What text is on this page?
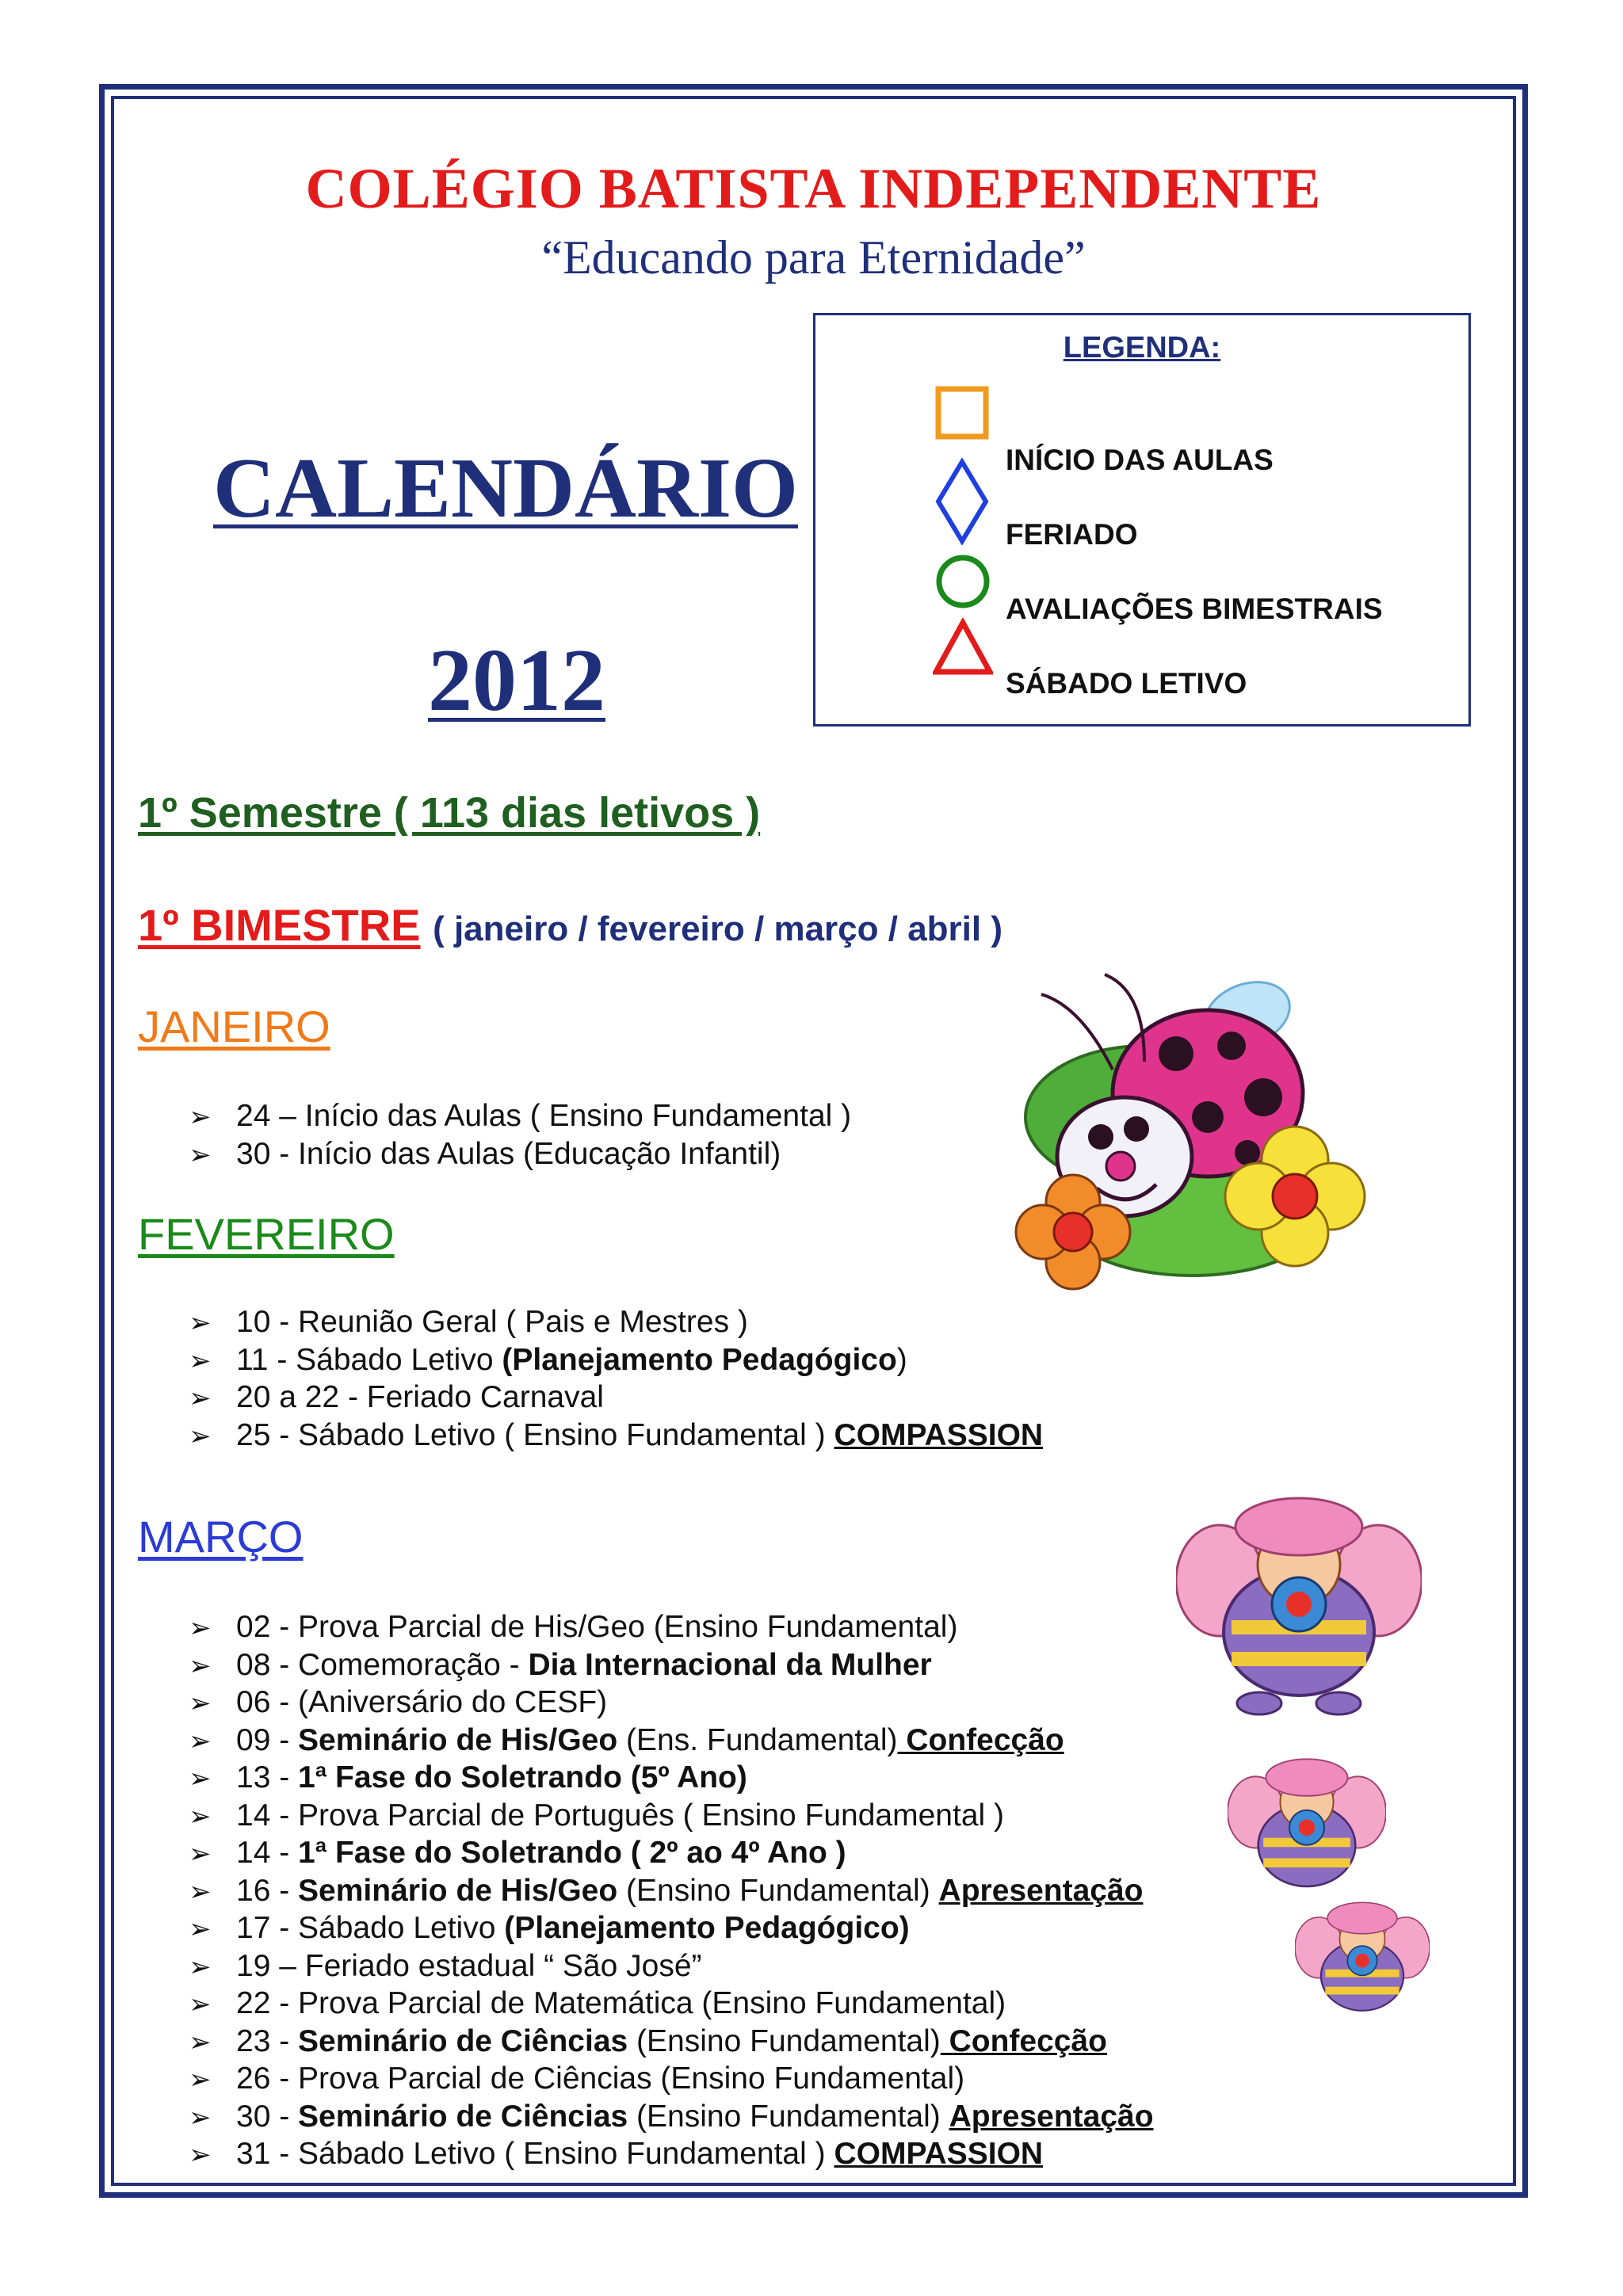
COLÉGIO BATISTA INDEPENDENTE
“Educando para Eternidade”
CALENDÁRIO
2012
LEGENDA:
INÍCIO DAS AULAS
FERIADO
AVALIAÇÕES BIMESTRAIS
SÁBADO LETIVO
1º Semestre ( 113 dias letivos )
1º BIMESTRE ( janeiro / fevereiro / março / abril )
JANEIRO
➢ 24 – Início das Aulas ( Ensino Fundamental )
➢ 30 - Início das Aulas (Educação Infantil)
FEVEREIRO
➢ 10 - Reunião Geral ( Pais e Mestres )
➢ 11 - Sábado Letivo (Planejamento Pedagógico)
➢ 20 a 22 - Feriado Carnaval
➢ 25 - Sábado Letivo ( Ensino Fundamental ) COMPASSION
MARÇO
➢ 02 - Prova Parcial de His/Geo (Ensino Fundamental)
➢ 08 - Comemoração - Dia Internacional da Mulher
➢ 06 - (Aniversário do CESF)
➢ 09 - Seminário de His/Geo (Ens. Fundamental) Confecção
➢ 13 - 1ª Fase do Soletrando (5º Ano)
➢ 14 - Prova Parcial de Português ( Ensino Fundamental )
➢ 14 - 1ª Fase do Soletrando ( 2º ao 4º Ano )
➢ 16 - Seminário de His/Geo (Ensino Fundamental) Apresentação
➢ 17 - Sábado Letivo (Planejamento Pedagógico)
➢ 19 – Feriado estadual “ São José”
➢ 22 - Prova Parcial de Matemática (Ensino Fundamental)
➢ 23 - Seminário de Ciências (Ensino Fundamental) Confecção
➢ 26 - Prova Parcial de Ciências (Ensino Fundamental)
➢ 30 - Seminário de Ciências (Ensino Fundamental) Apresentação
➢ 31 - Sábado Letivo ( Ensino Fundamental ) COMPASSION
